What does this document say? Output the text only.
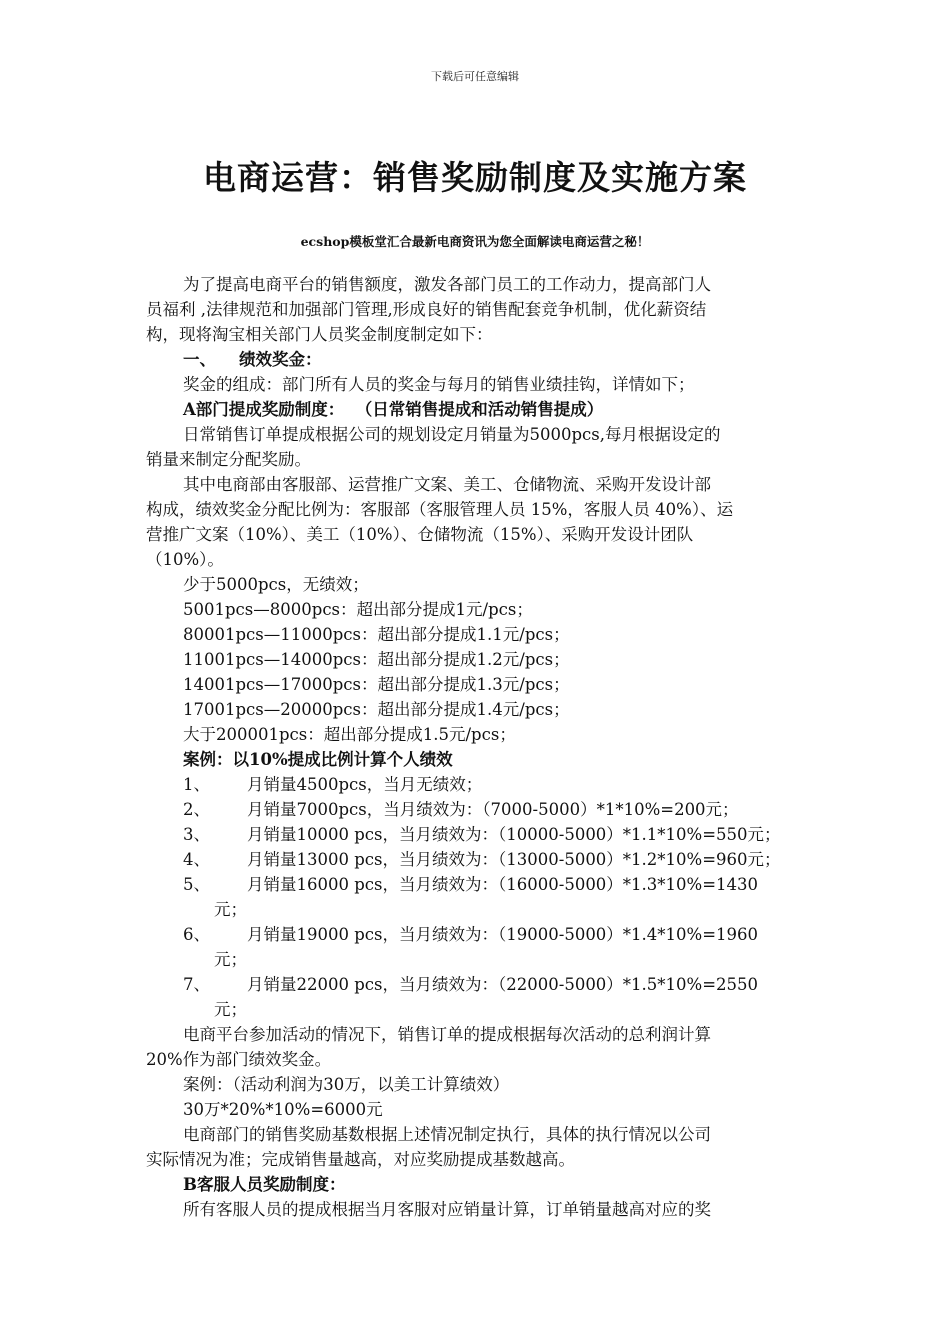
下载后可任意编辑
电商运营：销售奖励制度及实施方案
ecshop模板堂汇合最新电商资讯为您全面解读电商运营之秘！

为了提高电商平台的销售额度，激发各部门员工的工作动力，提高部门人

员福利 ,法律规范和加强部门管理,形成良好的销售配套竞争机制，优化薪资结

构，现将淘宝相关部门人员奖金制度制定如下：

一、    绩效奖金：

奖金的组成：部门所有人员的奖金与每月的销售业绩挂钩，详情如下；

A部门提成奖励制度：  （日常销售提成和活动销售提成）

日常销售订单提成根据公司的规划设定月销量为5000pcs,每月根据设定的

销量来制定分配奖励。

其中电商部由客服部、运营推广文案、美工、仓储物流、采购开发设计部

构成，绩效奖金分配比例为：客服部（客服管理人员 15%，客服人员 40%）、运

营推广文案（10%）、美工（10%）、仓储物流（15%）、采购开发设计团队

（10%）。

少于5000pcs，无绩效；

5001pcs—8000pcs：超出部分提成1元/pcs；

80001pcs—11000pcs：超出部分提成1.1元/pcs；

11001pcs—14000pcs：超出部分提成1.2元/pcs；

14001pcs—17000pcs：超出部分提成1.3元/pcs；

17001pcs—20000pcs：超出部分提成1.4元/pcs；

大于200001pcs：超出部分提成1.5元/pcs；

案例：以10%提成比例计算个人绩效

1、	月销量4500pcs，当月无绩效；
2、	月销量7000pcs，当月绩效为：（7000-5000）*1*10%=200元；
3、	月销量10000 pcs，当月绩效为：（10000-5000）*1.1*10%=550元；
4、	月销量13000 pcs，当月绩效为：（13000-5000）*1.2*10%=960元；
5、	月销量16000 pcs，当月绩效为：（16000-5000）*1.3*10%=1430

元；

6、	月销量19000 pcs，当月绩效为：（19000-5000）*1.4*10%=1960

元；

7、	月销量22000 pcs，当月绩效为：（22000-5000）*1.5*10%=2550

元；

电商平台参加活动的情况下，销售订单的提成根据每次活动的总利润计算

20%作为部门绩效奖金。

案例：（活动利润为30万，以美工计算绩效）

30万*20%*10%=6000元

电商部门的销售奖励基数根据上述情况制定执行，具体的执行情况以公司

实际情况为准；完成销售量越高，对应奖励提成基数越高。

B客服人员奖励制度：

所有客服人员的提成根据当月客服对应销量计算，订单销量越高对应的奖
